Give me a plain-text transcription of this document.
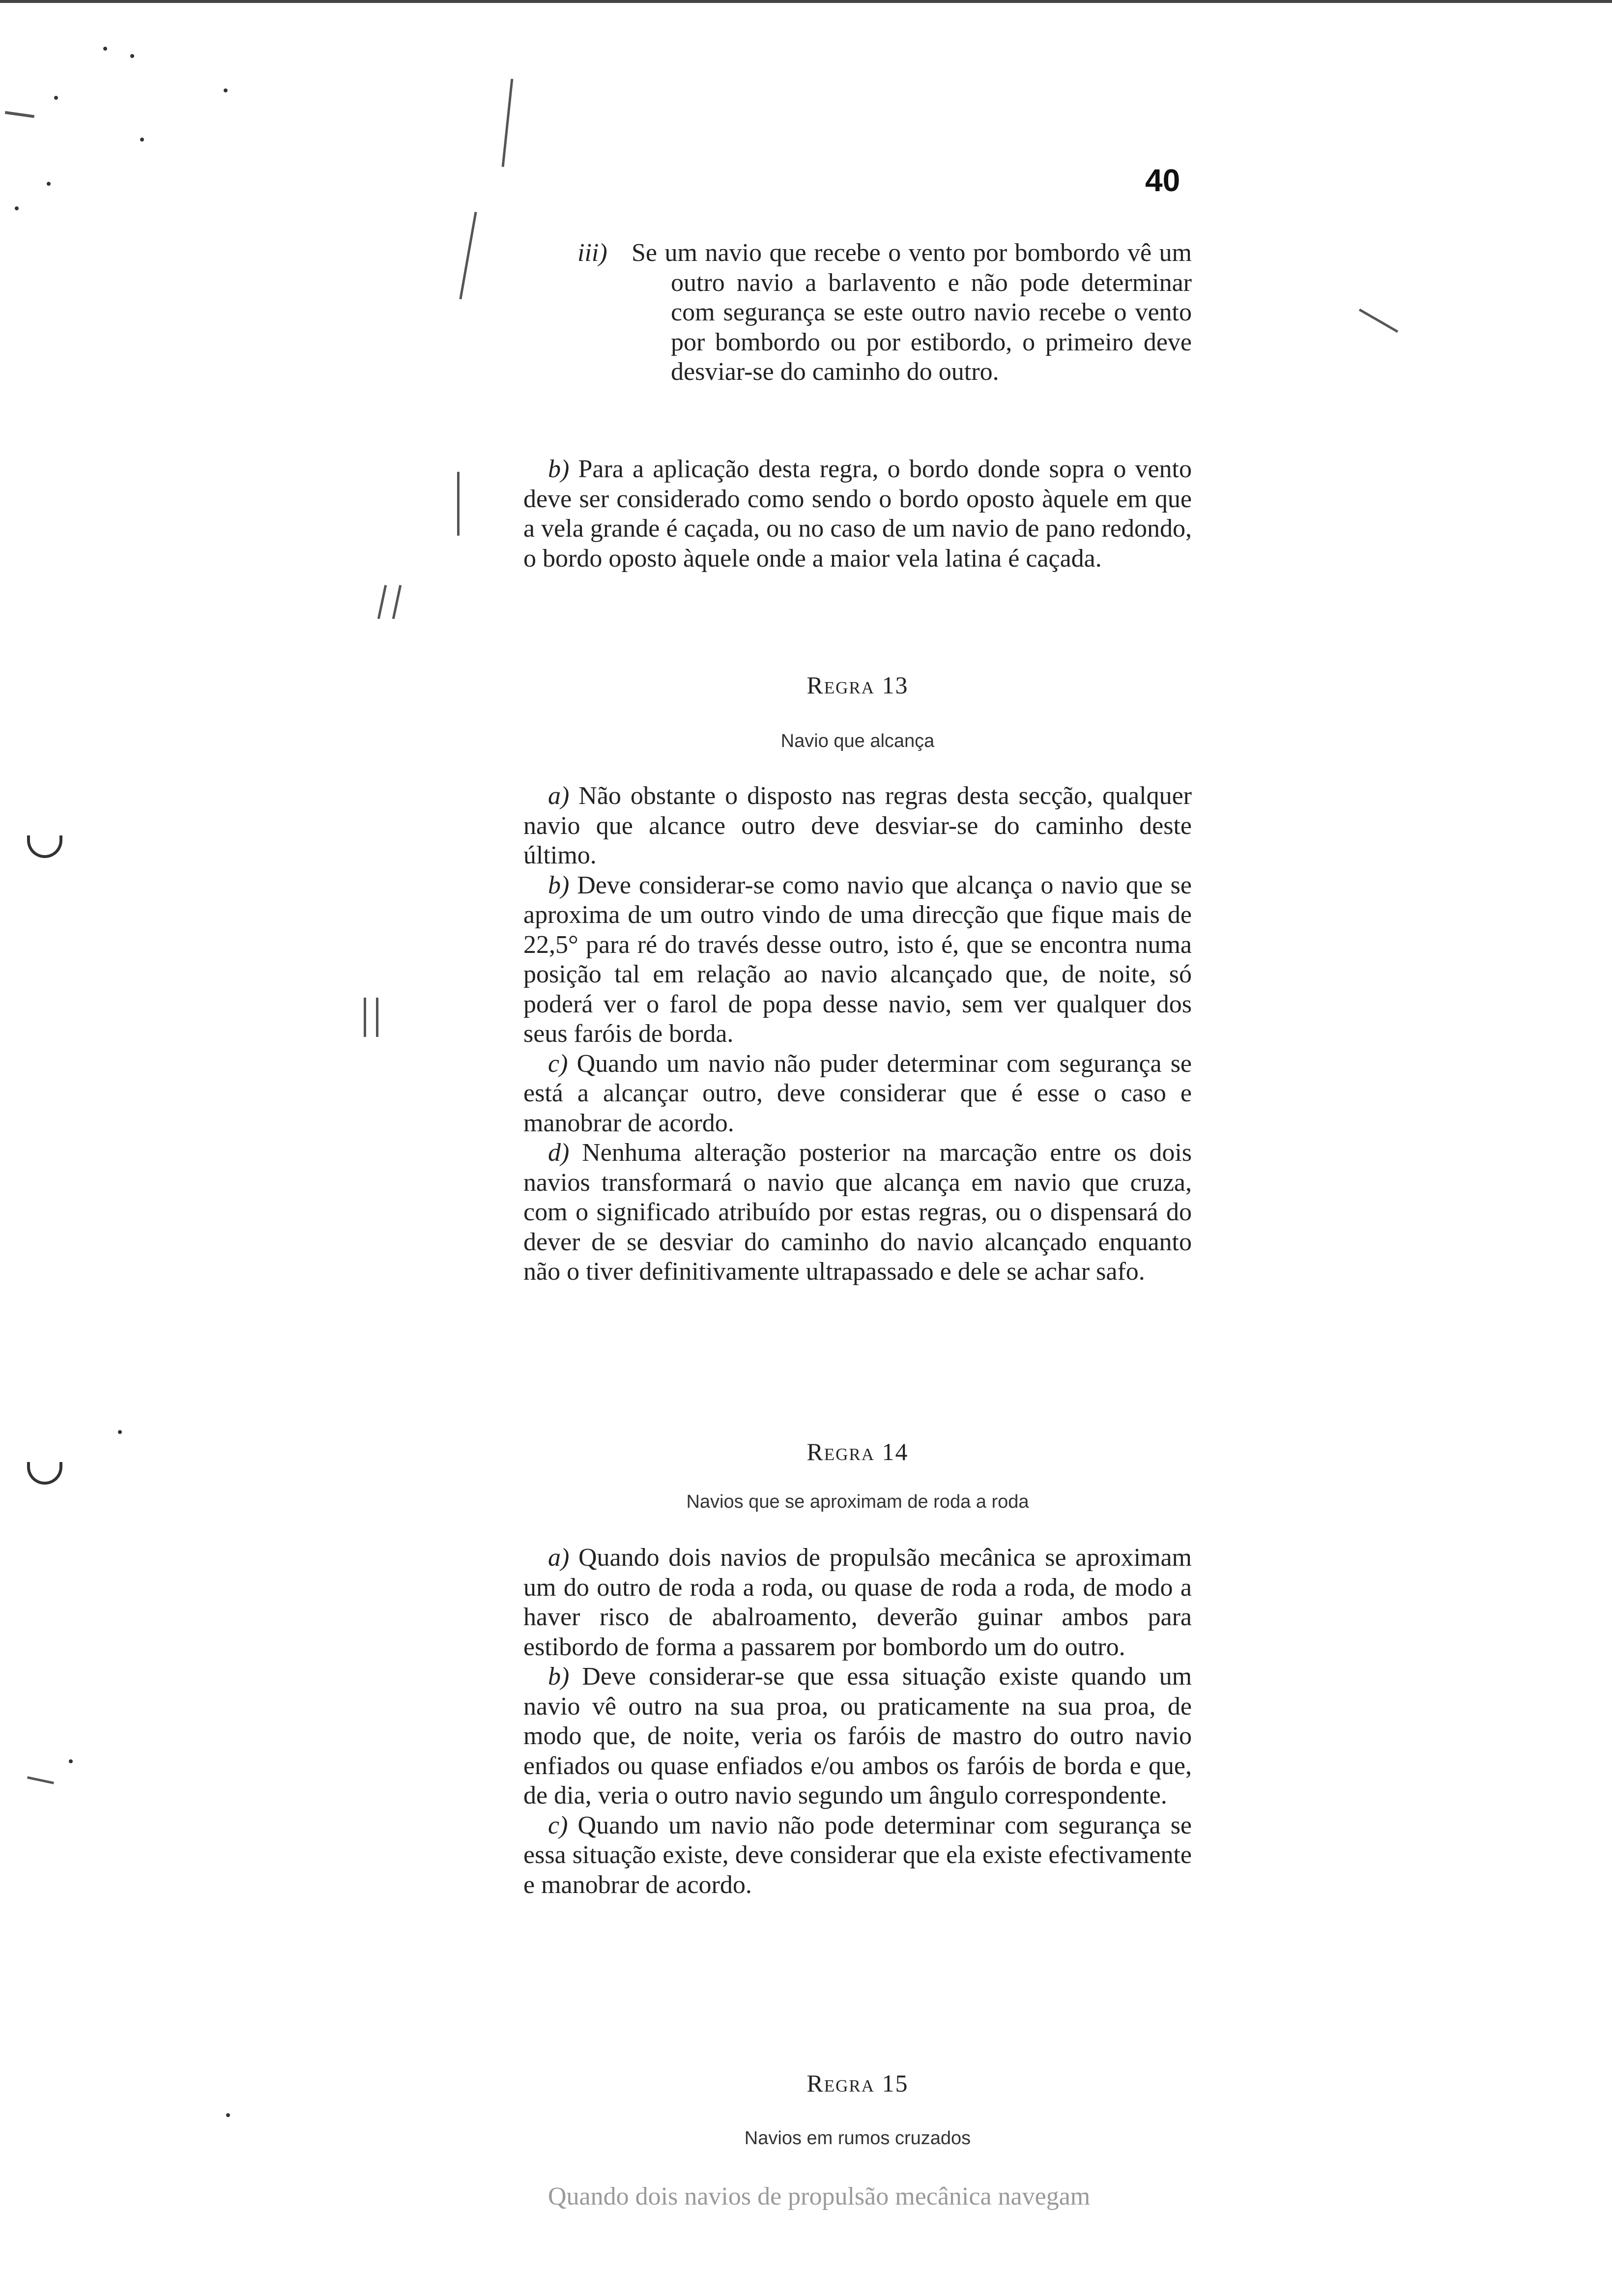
40

iii) Se um navio que recebe o vento por bombordo vê um outro navio a barlavento e não pode determinar com segurança se este outro navio recebe o vento por bombordo ou por estibordo, o primeiro deve desviar-se do caminho do outro.

b) Para a aplicação desta regra, o bordo donde sopra o vento deve ser considerado como sendo o bordo oposto àquele em que a vela grande é caçada, ou no caso de um navio de pano redondo, o bordo oposto àquele onde a maior vela latina é caçada.

Regra 13
Navio que alcança

a) Não obstante o disposto nas regras desta secção, qualquer navio que alcance outro deve desviar-se do caminho deste último.

b) Deve considerar-se como navio que alcança o navio que se aproxima de um outro vindo de uma direcção que fique mais de 22,5° para ré do través desse outro, isto é, que se encontra numa posição tal em relação ao navio alcançado que, de noite, só poderá ver o farol de popa desse navio, sem ver qualquer dos seus faróis de borda.

c) Quando um navio não puder determinar com segurança se está a alcançar outro, deve considerar que é esse o caso e manobrar de acordo.

d) Nenhuma alteração posterior na marcação entre os dois navios transformará o navio que alcança em navio que cruza, com o significado atribuído por estas regras, ou o dispensará do dever de se desviar do caminho do navio alcançado enquanto não o tiver definitivamente ultrapassado e dele se achar safo.

Regra 14
Navios que se aproximam de roda a roda

a) Quando dois navios de propulsão mecânica se aproximam um do outro de roda a roda, ou quase de roda a roda, de modo a haver risco de abalroamento, deverão guinar ambos para estibordo de forma a passarem por bombordo um do outro.

b) Deve considerar-se que essa situação existe quando um navio vê outro na sua proa, ou praticamente na sua proa, de modo que, de noite, veria os faróis de mastro do outro navio enfiados ou quase enfiados e/ou ambos os faróis de borda e que, de dia, veria o outro navio segundo um ângulo correspondente.

c) Quando um navio não pode determinar com segurança se essa situação existe, deve considerar que ela existe efectivamente e manobrar de acordo.

Regra 15
Navios em rumos cruzados

Quando dois navios de propulsão mecânica navegam
